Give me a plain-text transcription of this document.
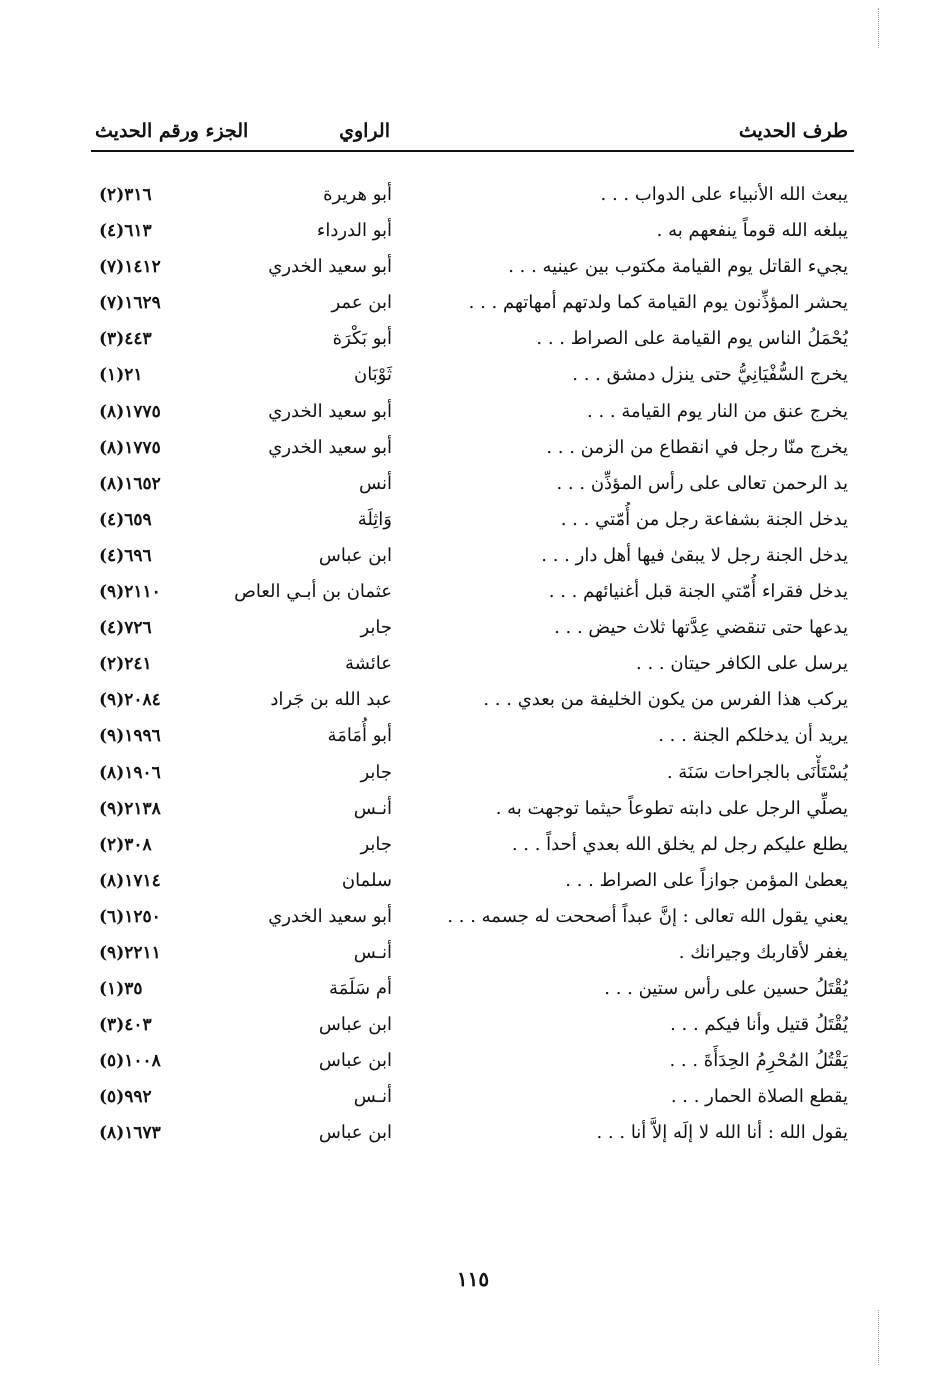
طرف الحديث
الراوي
الجزء ورقم الحديث
يبعث الله الأنبياء على الدواب . . .
أبو هريرة
٣١٦(٢)
يبلغه الله قوماً ينفعهم به .
أبو الدرداء
٦١٣(٤)
يجيء القاتل يوم القيامة مكتوب بين عينيه . . .
أبو سعيد الخدري
١٤١٢(٧)
يحشر المؤذِّنون يوم القيامة كما ولدتهم أمهاتهم . . .
ابن عمر
١٦٢٩(٧)
يُحْمَلُ الناس يوم القيامة على الصراط . . .
أبو بَكْرَة
٤٤٣(٣)
يخرج السُّفْيَانِيُّ حتى ينزل دمشق . . .
ثَوْبَان
٢١(١)
يخرج عنق من النار يوم القيامة . . .
أبو سعيد الخدري
١٧٧٥(٨)
يخرج منّا رجل في انقطاع من الزمن . . .
أبو سعيد الخدري
١٧٧٥(٨)
يد الرحمن تعالى على رأس المؤذِّن . . .
أنس
١٦٥٢(٨)
يدخل الجنة بشفاعة رجل من أُمّتي . . .
وَاثِلَة
٦٥٩(٤)
يدخل الجنة رجل لا يبقىٰ فيها أهل دار . . .
ابن عباس
٦٩٦(٤)
يدخل فقراء أُمّتي الجنة قبل أغنيائهم . . .
عثمان بن أبـي العاص
٢١١٠(٩)
يدعها حتى تنقضي عِدَّتها ثلاث حيض . . .
جابر
٧٢٦(٤)
يرسل على الكافر حيتان . . .
عائشة
٢٤١(٢)
يركب هذا الفرس من يكون الخليفة من بعدي . . .
عبد الله بن جَراد
٢٠٨٤(٩)
يريد أن يدخلكم الجنة . . .
أبو أُمَامَة
١٩٩٦(٩)
يُسْتَأْنَى بالجراحات سَنَة .
جابر
١٩٠٦(٨)
يصلِّي الرجل على دابته تطوعاً حيثما توجهت به .
أنـس
٢١٣٨(٩)
يطلع عليكم رجل لم يخلق الله بعدي أحداً . . .
جابر
٣٠٨(٢)
يعطىٰ المؤمن جوازاً على الصراط . . .
سلمان
١٧١٤(٨)
يعني يقول الله تعالى : إنَّ عبداً أصححت له جسمه . . .
أبو سعيد الخدري
١٢٥٠(٦)
يغفر لأقاربك وجيرانك .
أنـس
٢٢١١(٩)
يُقْتَلُ حسين على رأس ستين . . .
أم سَلَمَة
٣٥(١)
يُقْتَلُ قتيل وأنا فيكم . . .
ابن عباس
٤٠٣(٣)
يَقْتُلُ المُحْرِمُ الحِدَأَةَ . . .
ابن عباس
١٠٠٨(٥)
يقطع الصلاة الحمار . . .
أنـس
٩٩٢(٥)
يقول الله : أنا الله لا إلَه إلاَّ أنا . . .
ابن عباس
١٦٧٣(٨)
١١٥
